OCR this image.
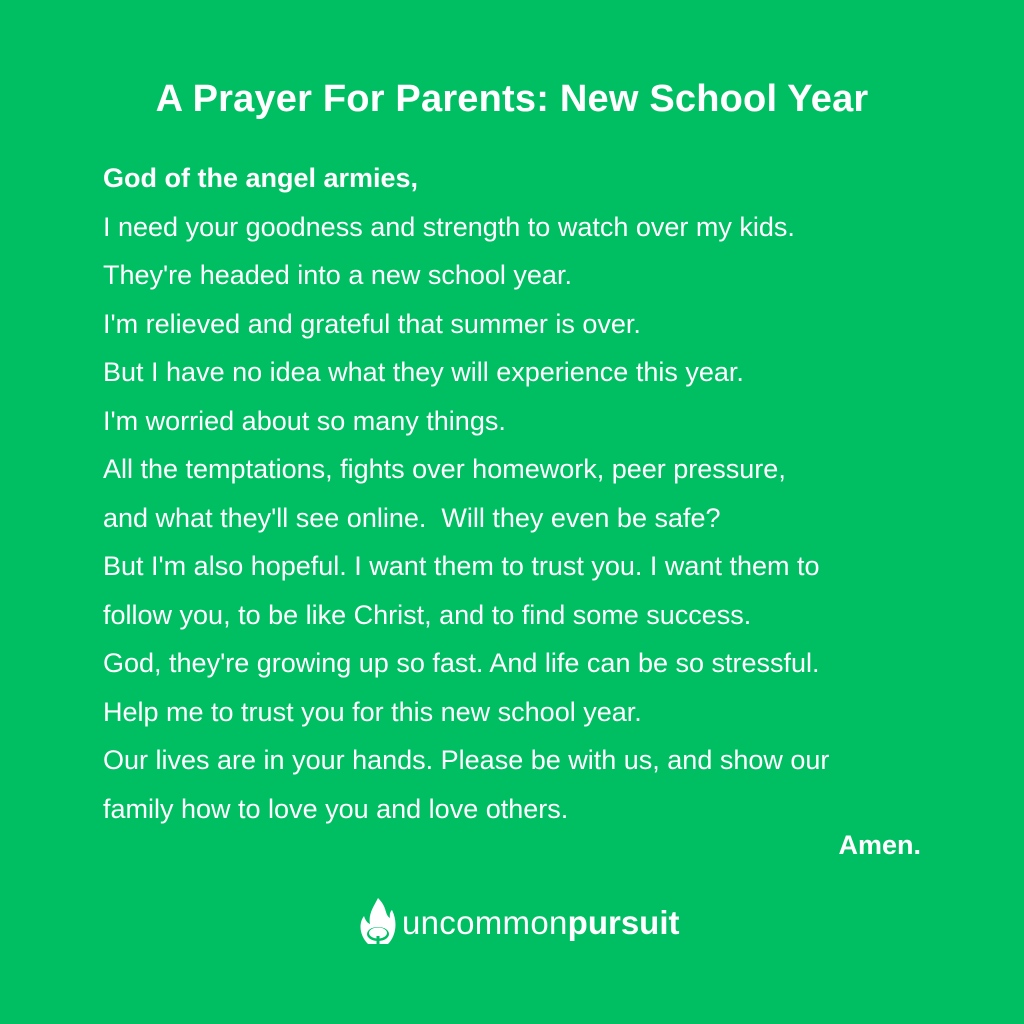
A Prayer For Parents: New School Year
God of the angel armies,
I need your goodness and strength to watch over my kids.
They're headed into a new school year.
I'm relieved and grateful that summer is over.
But I have no idea what they will experience this year.
I'm worried about so many things.
All the temptations, fights over homework, peer pressure,
and what they'll see online.  Will they even be safe?
But I'm also hopeful. I want them to trust you. I want them to
follow you, to be like Christ, and to find some success.
God, they're growing up so fast. And life can be so stressful.
Help me to trust you for this new school year.
Our lives are in your hands. Please be with us, and show our
family how to love you and love others.
Amen.
uncommon pursuit
